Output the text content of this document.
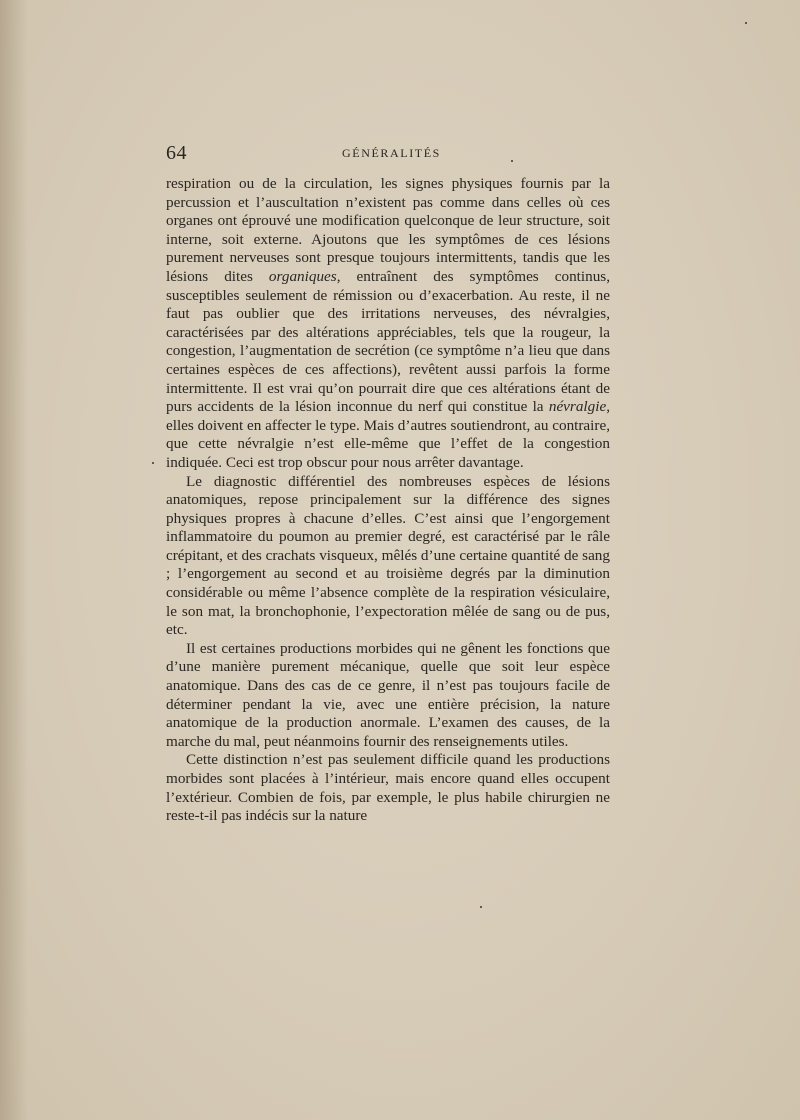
64	GÉNÉRALITÉS

respiration ou de la circulation, les signes physiques fournis par la percussion et l’auscultation n’existent pas comme dans celles où ces organes ont éprouvé une modification quelconque de leur structure, soit interne, soit externe. Ajoutons que les symptômes de ces lésions purement nerveuses sont presque toujours intermittents, tandis que les lésions dites organiques, entraînent des symptômes continus, susceptibles seulement de rémission ou d’exacerbation. Au reste, il ne faut pas oublier que des irritations nerveuses, des névralgies, caractérisées par des altérations appréciables, tels que la rougeur, la congestion, l’augmentation de secrétion (ce symptôme n’a lieu que dans certaines espèces de ces affections), revêtent aussi parfois la forme intermittente. Il est vrai qu’on pourrait dire que ces altérations étant de purs accidents de la lésion inconnue du nerf qui constitue la névralgie, elles doivent en affecter le type. Mais d’autres soutiendront, au contraire, que cette névralgie n’est elle-même que l’effet de la congestion indiquée. Ceci est trop obscur pour nous arrêter davantage.

Le diagnostic différentiel des nombreuses espèces de lésions anatomiques, repose principalement sur la différence des signes physiques propres à chacune d’elles. C’est ainsi que l’engorgement inflammatoire du poumon au premier degré, est caractérisé par le râle crépitant, et des crachats visqueux, mêlés d’une certaine quantité de sang ; l’engorgement au second et au troisième degrés par la diminution considérable ou même l’absence complète de la respiration vésiculaire, le son mat, la bronchophonie, l’expectoration mêlée de sang ou de pus, etc.

Il est certaines productions morbides qui ne gênent les fonctions que d’une manière purement mécanique, quelle que soit leur espèce anatomique. Dans des cas de ce genre, il n’est pas toujours facile de déterminer pendant la vie, avec une entière précision, la nature anatomique de la production anormale. L’examen des causes, de la marche du mal, peut néanmoins fournir des renseignements utiles.

Cette distinction n’est pas seulement difficile quand les productions morbides sont placées à l’intérieur, mais encore quand elles occupent l’extérieur. Combien de fois, par exemple, le plus habile chirurgien ne reste-t-il pas indécis sur la nature
